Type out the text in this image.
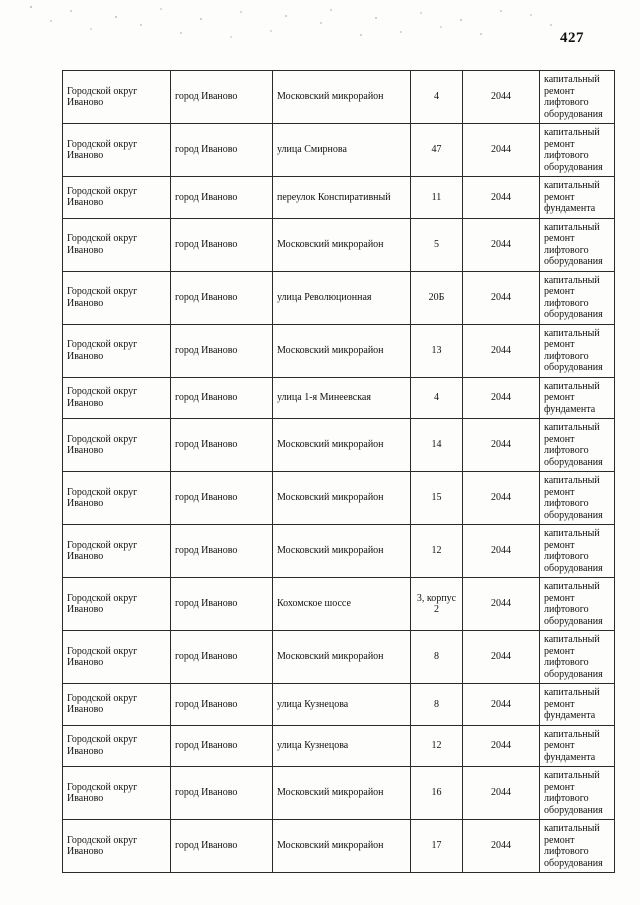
427
Городской округ Иваново	город Иваново	Московский микрорайон	4	2044	капитальный ремонт лифтового оборудования
Городской округ Иваново	город Иваново	улица Смирнова	47	2044	капитальный ремонт лифтового оборудования
Городской округ Иваново	город Иваново	переулок Конспиративный	11	2044	капитальный ремонт фундамента
Городской округ Иваново	город Иваново	Московский микрорайон	5	2044	капитальный ремонт лифтового оборудования
Городской округ Иваново	город Иваново	улица Революционная	20Б	2044	капитальный ремонт лифтового оборудования
Городской округ Иваново	город Иваново	Московский микрорайон	13	2044	капитальный ремонт лифтового оборудования
Городской округ Иваново	город Иваново	улица 1-я Минеевская	4	2044	капитальный ремонт фундамента
Городской округ Иваново	город Иваново	Московский микрорайон	14	2044	капитальный ремонт лифтового оборудования
Городской округ Иваново	город Иваново	Московский микрорайон	15	2044	капитальный ремонт лифтового оборудования
Городской округ Иваново	город Иваново	Московский микрорайон	12	2044	капитальный ремонт лифтового оборудования
Городской округ Иваново	город Иваново	Кохомское шоссе	3, корпус 2	2044	капитальный ремонт лифтового оборудования
Городской округ Иваново	город Иваново	Московский микрорайон	8	2044	капитальный ремонт лифтового оборудования
Городской округ Иваново	город Иваново	улица Кузнецова	8	2044	капитальный ремонт фундамента
Городской округ Иваново	город Иваново	улица Кузнецова	12	2044	капитальный ремонт фундамента
Городской округ Иваново	город Иваново	Московский микрорайон	16	2044	капитальный ремонт лифтового оборудования
Городской округ Иваново	город Иваново	Московский микрорайон	17	2044	капитальный ремонт лифтового оборудования
